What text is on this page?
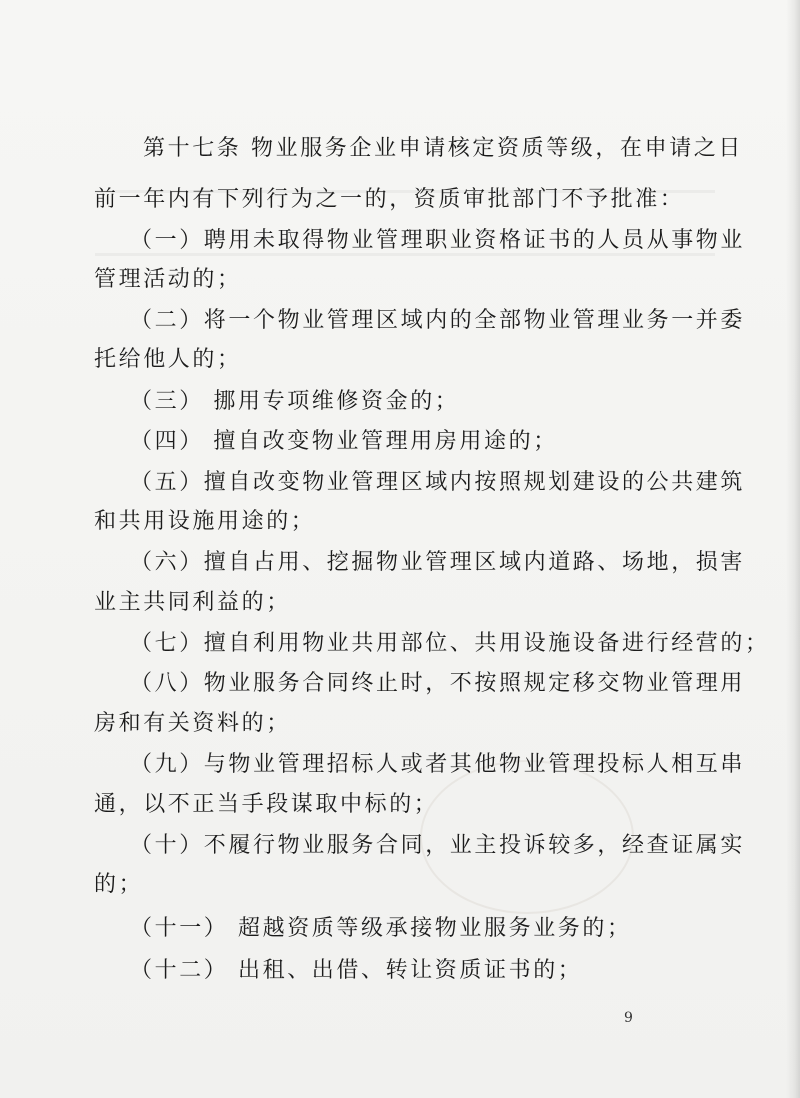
第十七条 物业服务企业申请核定资质等级，在申请之日
前一年内有下列行为之一的，资质审批部门不予批准：
（一）聘用未取得物业管理职业资格证书的人员从事物业
管理活动的；
（二）将一个物业管理区域内的全部物业管理业务一并委
托给他人的；
（三） 挪用专项维修资金的；
（四） 擅自改变物业管理用房用途的；
（五）擅自改变物业管理区域内按照规划建设的公共建筑
和共用设施用途的；
（六）擅自占用、挖掘物业管理区域内道路、场地，损害
业主共同利益的；
（七）擅自利用物业共用部位、共用设施设备进行经营的；
（八）物业服务合同终止时，不按照规定移交物业管理用
房和有关资料的；
（九）与物业管理招标人或者其他物业管理投标人相互串
通，以不正当手段谋取中标的；
（十）不履行物业服务合同，业主投诉较多，经查证属实
的；
（十一） 超越资质等级承接物业服务业务的；
（十二） 出租、出借、转让资质证书的；
9
